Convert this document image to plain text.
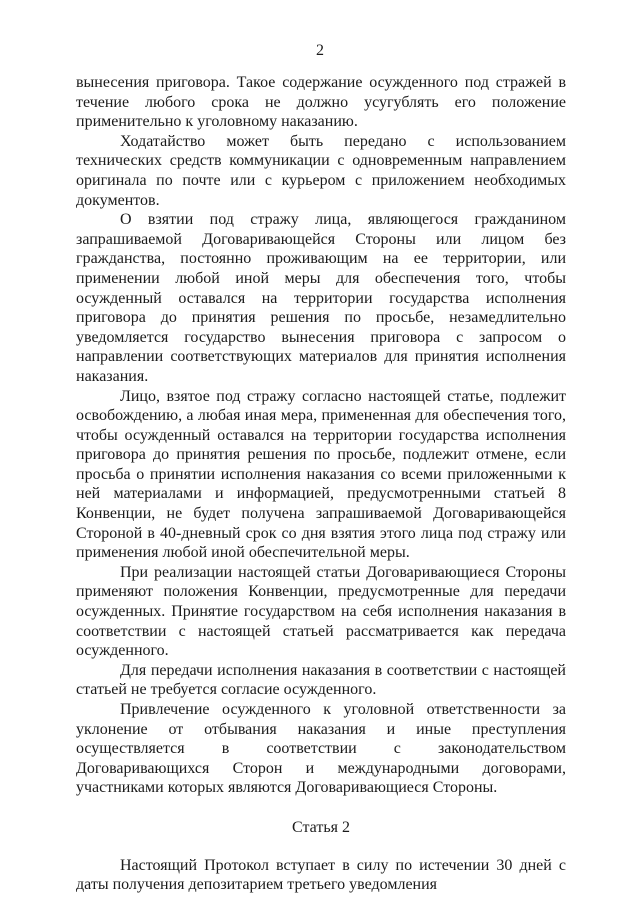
2

вынесения приговора. Такое содержание осужденного под стражей в течение любого срока не должно усугублять его положение применительно к уголовному наказанию.

Ходатайство может быть передано с использованием технических средств коммуникации с одновременным направлением оригинала по почте или с курьером с приложением необходимых документов.

О взятии под стражу лица, являющегося гражданином запрашиваемой Договаривающейся Стороны или лицом без гражданства, постоянно проживающим на ее территории, или применении любой иной меры для обеспечения того, чтобы осужденный оставался на территории государства исполнения приговора до принятия решения по просьбе, незамедлительно уведомляется государство вынесения приговора с запросом о направлении соответствующих материалов для принятия исполнения наказания.

Лицо, взятое под стражу согласно настоящей статье, подлежит освобождению, а любая иная мера, примененная для обеспечения того, чтобы осужденный оставался на территории государства исполнения приговора до принятия решения по просьбе, подлежит отмене, если просьба о принятии исполнения наказания со всеми приложенными к ней материалами и информацией, предусмотренными статьей 8 Конвенции, не будет получена запрашиваемой Договаривающейся Стороной в 40-дневный срок со дня взятия этого лица под стражу или применения любой иной обеспечительной меры.

При реализации настоящей статьи Договаривающиеся Стороны применяют положения Конвенции, предусмотренные для передачи осужденных. Принятие государством на себя исполнения наказания в соответствии с настоящей статьей рассматривается как передача осужденного.

Для передачи исполнения наказания в соответствии с настоящей статьей не требуется согласие осужденного.

Привлечение осужденного к уголовной ответственности за уклонение от отбывания наказания и иные преступления осуществляется в соответствии с законодательством Договаривающихся Сторон и международными договорами, участниками которых являются Договаривающиеся Стороны.

Статья 2

Настоящий Протокол вступает в силу по истечении 30 дней с даты получения депозитарием третьего уведомления
